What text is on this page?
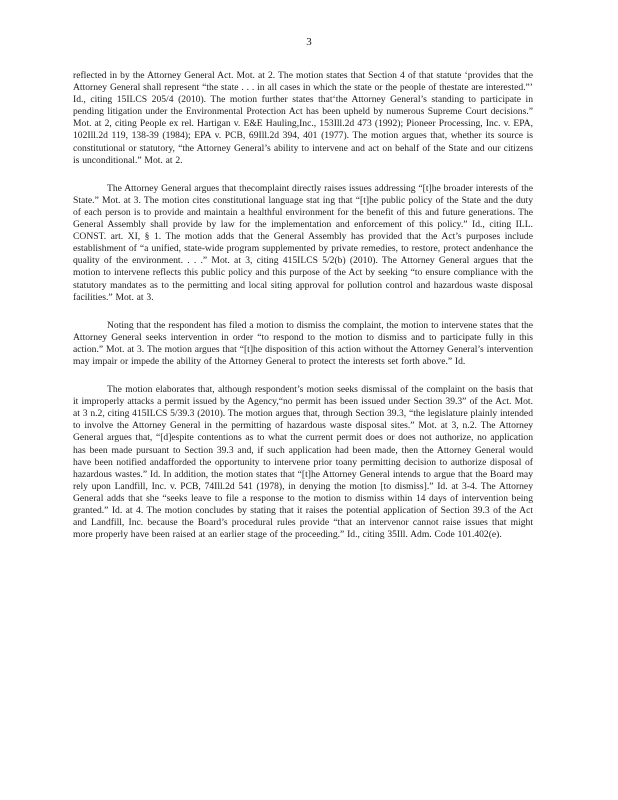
3

reflected in by the Attorney General Act. Mot. at 2. The motion states that Section 4 of that statute ‘provides that the Attorney General shall represent “the state . . . in all cases in which the state or the people of thestate are interested.”’ Id., citing 15ILCS 205/4 (2010). The motion further states that‘the Attorney General’s standing to participate in pending litigation under the Environmental Protection Act has been upheld by numerous Supreme Court decisions.” Mot. at 2, citing People ex rel. Hartigan v. E&E Hauling,Inc., 153Ill.2d 473 (1992); Pioneer Processing, Inc. v. EPA, 102Ill.2d 119, 138-39 (1984); EPA v. PCB, 69Ill.2d 394, 401 (1977). The motion argues that, whether its source is constitutional or statutory, “the Attorney General’s ability to intervene and act on behalf of the State and our citizens is unconditional.” Mot. at 2.

The Attorney General argues that thecomplaint directly raises issues addressing “[t]he broader interests of the State.” Mot. at 3. The motion cites constitutional language stat ing that “[t]he public policy of the State and the duty of each person is to provide and maintain a healthful environment for the benefit of this and future generations. The General Assembly shall provide by law for the implementation and enforcement of this policy.” Id., citing ILL. CONST. art. XI, § 1. The motion adds that the General Assembly has provided that the Act’s purposes include establishment of “a unified, state-wide program supplemented by private remedies, to restore, protect andenhance the quality of the environment. . . .” Mot. at 3, citing 415ILCS 5/2(b) (2010). The Attorney General argues that the motion to intervene reflects this public policy and this purpose of the Act by seeking “to ensure compliance with the statutory mandates as to the permitting and local siting approval for pollution control and hazardous waste disposal facilities.” Mot. at 3.

Noting that the respondent has filed a motion to dismiss the complaint, the motion to intervene states that the Attorney General seeks intervention in order “to respond to the motion to dismiss and to participate fully in this action.” Mot. at 3. The motion argues that “[t]he disposition of this action without the Attorney General’s intervention may impair or impede the ability of the Attorney General to protect the interests set forth above.” Id.

The motion elaborates that, although respondent’s motion seeks dismissal of the complaint on the basis that it improperly attacks a permit issued by the Agency,“no permit has been issued under Section 39.3” of the Act. Mot. at 3 n.2, citing 415ILCS 5/39.3 (2010). The motion argues that, through Section 39.3, “the legislature plainly intended to involve the Attorney General in the permitting of hazardous waste disposal sites.” Mot. at 3, n.2. The Attorney General argues that, “[d]espite contentions as to what the current permit does or does not authorize, no application has been made pursuant to Section 39.3 and, if such application had been made, then the Attorney General would have been notified andafforded the opportunity to intervene prior toany permitting decision to authorize disposal of hazardous wastes.” Id. In addition, the motion states that “[t]he Attorney General intends to argue that the Board may rely upon Landfill, Inc. v. PCB, 74Ill.2d 541 (1978), in denying the motion [to dismiss].” Id. at 3-4. The Attorney General adds that she “seeks leave to file a response to the motion to dismiss within 14 days of intervention being granted.” Id. at 4. The motion concludes by stating that it raises the potential application of Section 39.3 of the Act and Landfill, Inc. because the Board’s procedural rules provide “that an intervenor cannot raise issues that might more properly have been raised at an earlier stage of the proceeding.” Id., citing 35Ill. Adm. Code 101.402(e).
